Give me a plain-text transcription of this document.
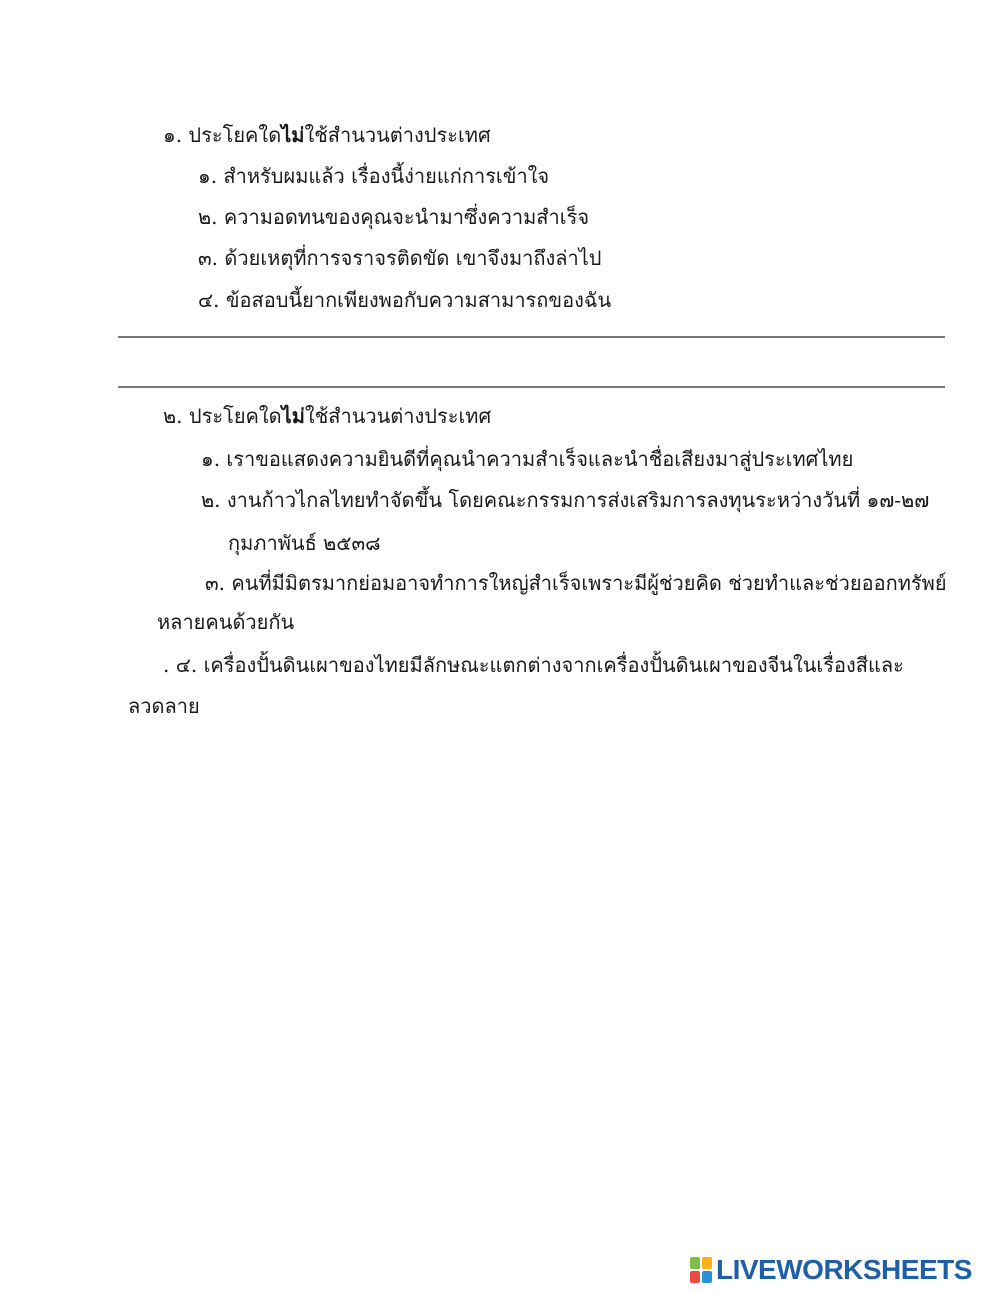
๑. ประโยคใดไม่ใช้สำนวนต่างประเทศ
๑. สำหรับผมแล้ว เรื่องนี้ง่ายแก่การเข้าใจ
๒. ความอดทนของคุณจะนำมาซึ่งความสำเร็จ
๓. ด้วยเหตุที่การจราจรติดขัด เขาจึงมาถึงล่าไป
๔. ข้อสอบนี้ยากเพียงพอกับความสามารถของฉัน
๒. ประโยคใดไม่ใช้สำนวนต่างประเทศ
๑. เราขอแสดงความยินดีที่คุณนำความสำเร็จและนำชื่อเสียงมาสู่ประเทศไทย
๒. งานก้าวไกลไทยทำจัดขึ้น โดยคณะกรรมการส่งเสริมการลงทุนระหว่างวันที่ ๑๗-๒๗
กุมภาพันธ์ ๒๕๓๘
๓. คนที่มีมิตรมากย่อมอาจทำการใหญ่สำเร็จเพราะมีผู้ช่วยคิด ช่วยทำและช่วยออกทรัพย์
หลายคนด้วยกัน
. ๔. เครื่องปั้นดินเผาของไทยมีลักษณะแตกต่างจากเครื่องปั้นดินเผาของจีนในเรื่องสีและ
ลวดลาย
LIVEWORKSHEETS
